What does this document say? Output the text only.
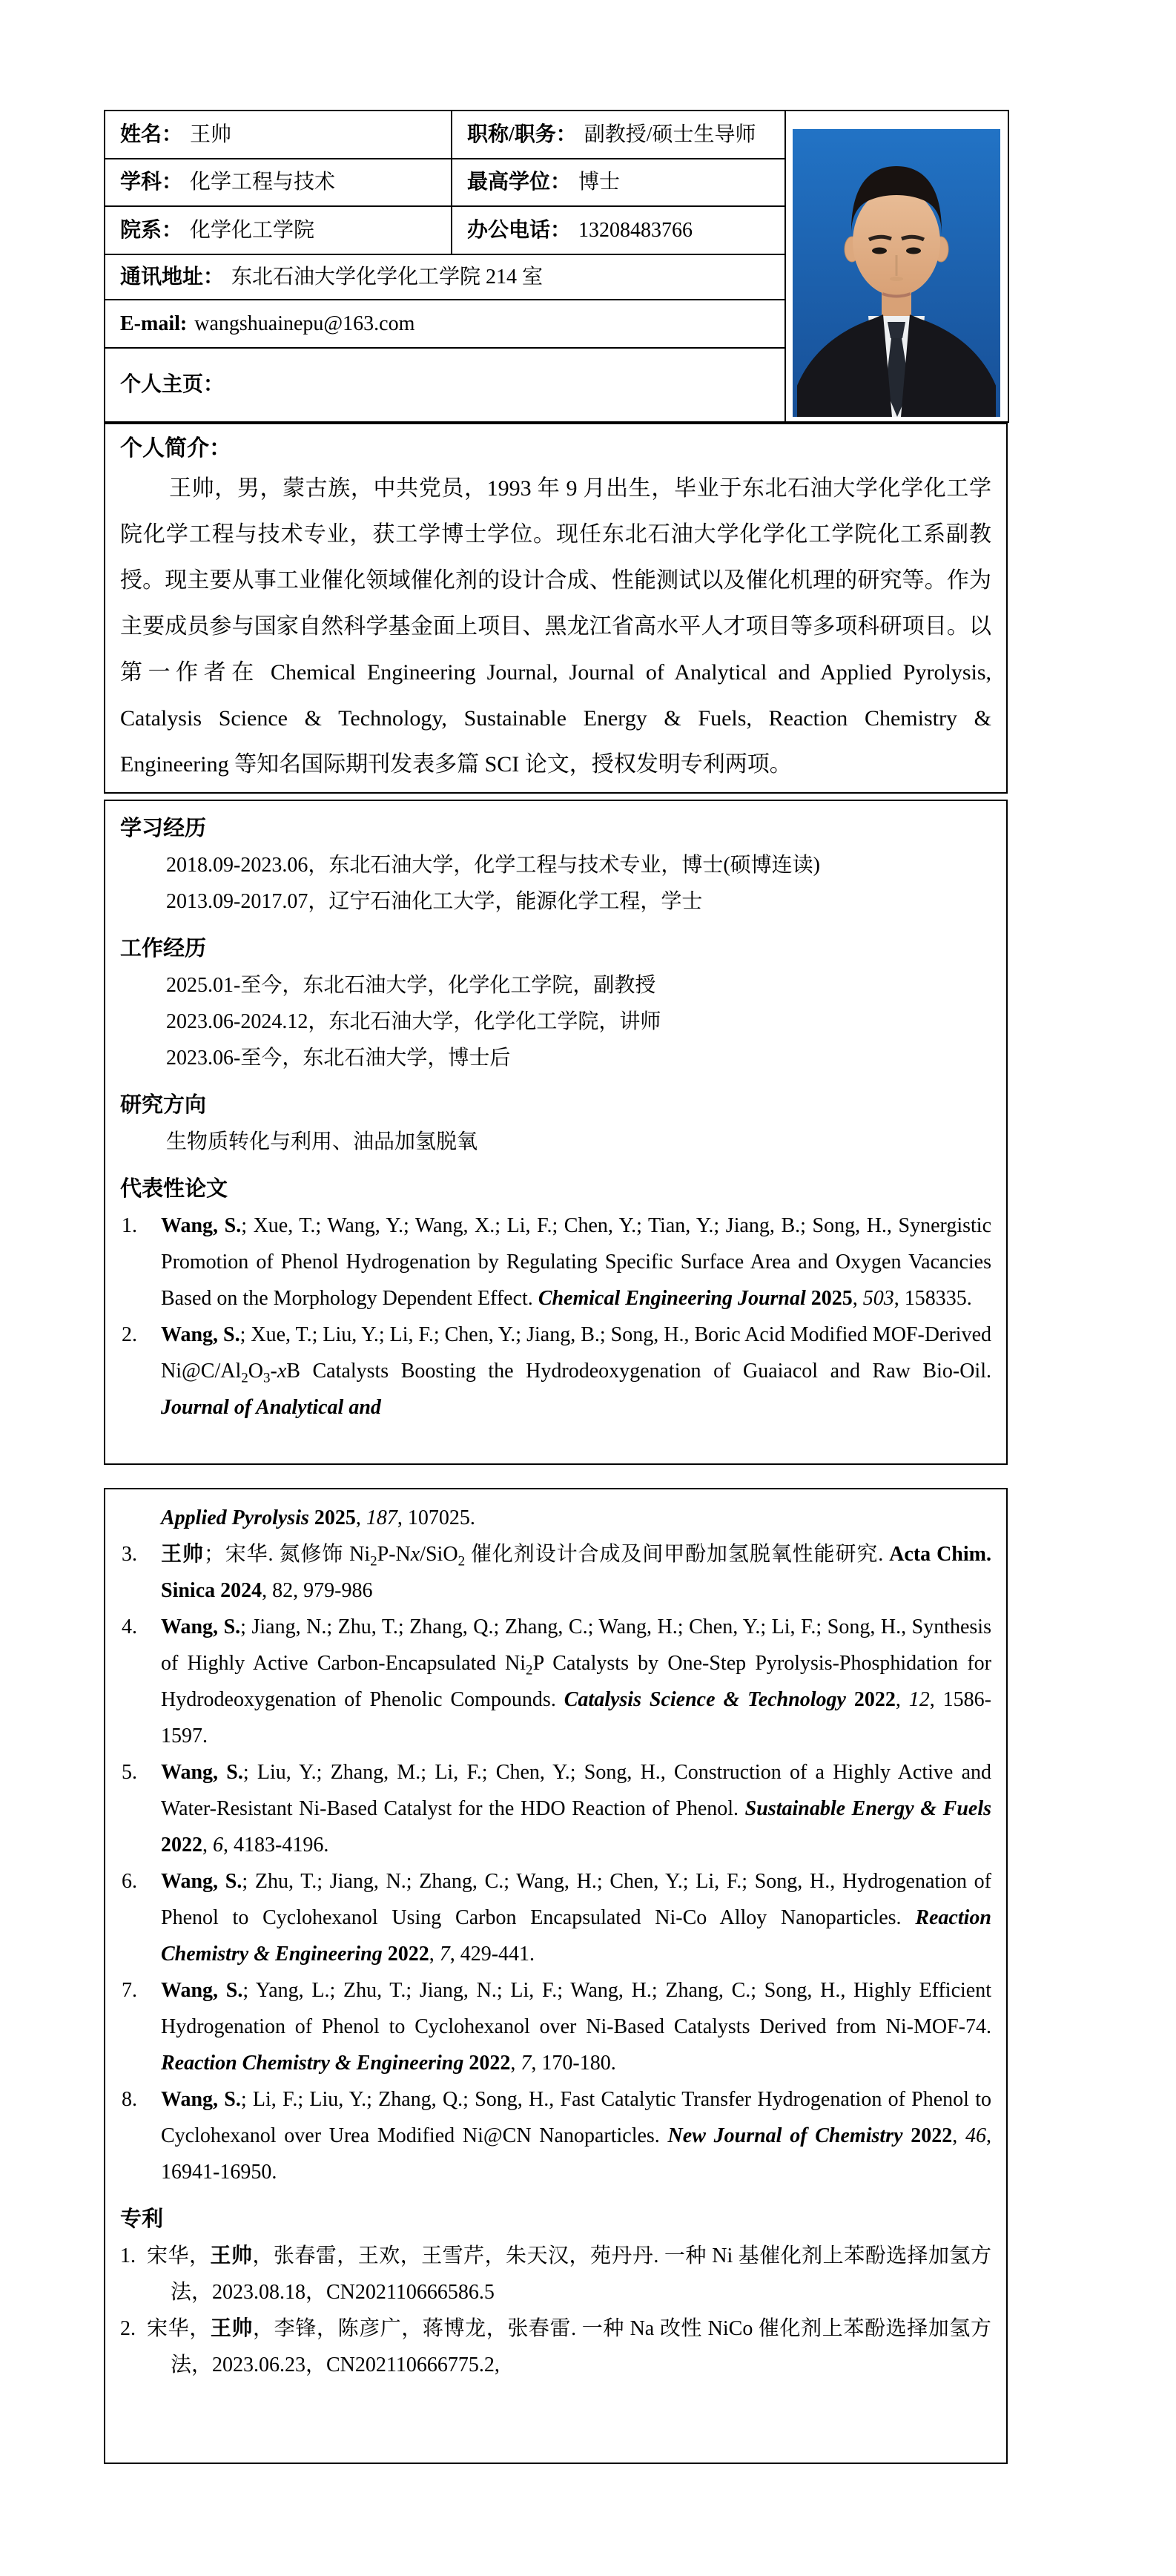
姓名： 王帅	职称/职务： 副教授/硕士生导师	

学科： 化学工程与技术	最高学位： 博士	
院系： 化学化工学院	办公电话： 13208483766	
通讯地址： 东北石油大学化学化工学院 214 室		
E-mail: wangshuainepu@163.com		
个人主页：		
个人简介：
王帅，男，蒙古族，中共党员，1993 年 9 月出生，毕业于东北石油大学化学化工学院化学工程与技术专业，获工学博士学位。现任东北石油大学化学化工学院化工系副教授。现主要从事工业催化领域催化剂的设计合成、性能测试以及催化机理的研究等。作为主要成员参与国家自然科学基金面上项目、黑龙江省高水平人才项目等多项科研项目。以第一作者在 Chemical Engineering Journal, Journal of Analytical and Applied Pyrolysis, Catalysis Science & Technology, Sustainable Energy & Fuels, Reaction Chemistry & Engineering 等知名国际期刊发表多篇 SCI 论文，授权发明专利两项。
学习经历
2018.09-2023.06，东北石油大学，化学工程与技术专业，博士(硕博连读)
2013.09-2017.07，辽宁石油化工大学，能源化学工程，学士
工作经历
2025.01-至今，东北石油大学，化学化工学院，副教授
2023.06-2024.12，东北石油大学，化学化工学院，讲师
2023.06-至今，东北石油大学，博士后
研究方向
生物质转化与利用、油品加氢脱氧
代表性论文
1. Wang, S.; Xue, T.; Wang, Y.; Wang, X.; Li, F.; Chen, Y.; Tian, Y.; Jiang, B.; Song, H., Synergistic Promotion of Phenol Hydrogenation by Regulating Specific Surface Area and Oxygen Vacancies Based on the Morphology Dependent Effect. Chemical Engineering Journal 2025, 503, 158335.
2. Wang, S.; Xue, T.; Liu, Y.; Li, F.; Chen, Y.; Jiang, B.; Song, H., Boric Acid Modified MOF-Derived $Ni@C/Al_2O_3-xB$ Catalysts Boosting the Hydrodeoxygenation of Guaiacol and Raw Bio-Oil. Journal of Analytical and
Applied Pyrolysis 2025, 187, 107025.
3. 王帅；宋华. 氮修饰 $Ni_2P-Nx/SiO_2$ 催化剂设计合成及间甲酚加氢脱氧性能研究. Acta Chim. Sinica 2024, 82, 979-986
4. Wang, S.; Jiang, N.; Zhu, T.; Zhang, Q.; Zhang, C.; Wang, H.; Chen, Y.; Li, F.; Song, H., Synthesis of Highly Active Carbon-Encapsulated $Ni_2P$ Catalysts by One-Step Pyrolysis-Phosphidation for Hydrodeoxygenation of Phenolic Compounds. Catalysis Science & Technology 2022, 12, 1586-1597.
5. Wang, S.; Liu, Y.; Zhang, M.; Li, F.; Chen, Y.; Song, H., Construction of a Highly Active and Water-Resistant Ni-Based Catalyst for the HDO Reaction of Phenol. Sustainable Energy & Fuels 2022, 6, 4183-4196.
6. Wang, S.; Zhu, T.; Jiang, N.; Zhang, C.; Wang, H.; Chen, Y.; Li, F.; Song, H., Hydrogenation of Phenol to Cyclohexanol Using Carbon Encapsulated Ni-Co Alloy Nanoparticles. Reaction Chemistry & Engineering 2022, 7, 429-441.
7. Wang, S.; Yang, L.; Zhu, T.; Jiang, N.; Li, F.; Wang, H.; Zhang, C.; Song, H., Highly Efficient Hydrogenation of Phenol to Cyclohexanol over Ni-Based Catalysts Derived from Ni-MOF-74. Reaction Chemistry & Engineering 2022, 7, 170-180.
8. Wang, S.; Li, F.; Liu, Y.; Zhang, Q.; Song, H., Fast Catalytic Transfer Hydrogenation of Phenol to Cyclohexanol over Urea Modified Ni@CN Nanoparticles. New Journal of Chemistry 2022, 46, 16941-16950.
专利
1. 宋华，王帅，张春雷，王欢，王雪芹，朱天汉，苑丹丹. 一种 Ni 基催化剂上苯酚选择加氢方法，2023.08.18，CN202110666586.5
2. 宋华，王帅，李锋，陈彦广，蒋博龙，张春雷. 一种 Na 改性 NiCo 催化剂上苯酚选择加氢方法，2023.06.23，CN202110666775.2,
